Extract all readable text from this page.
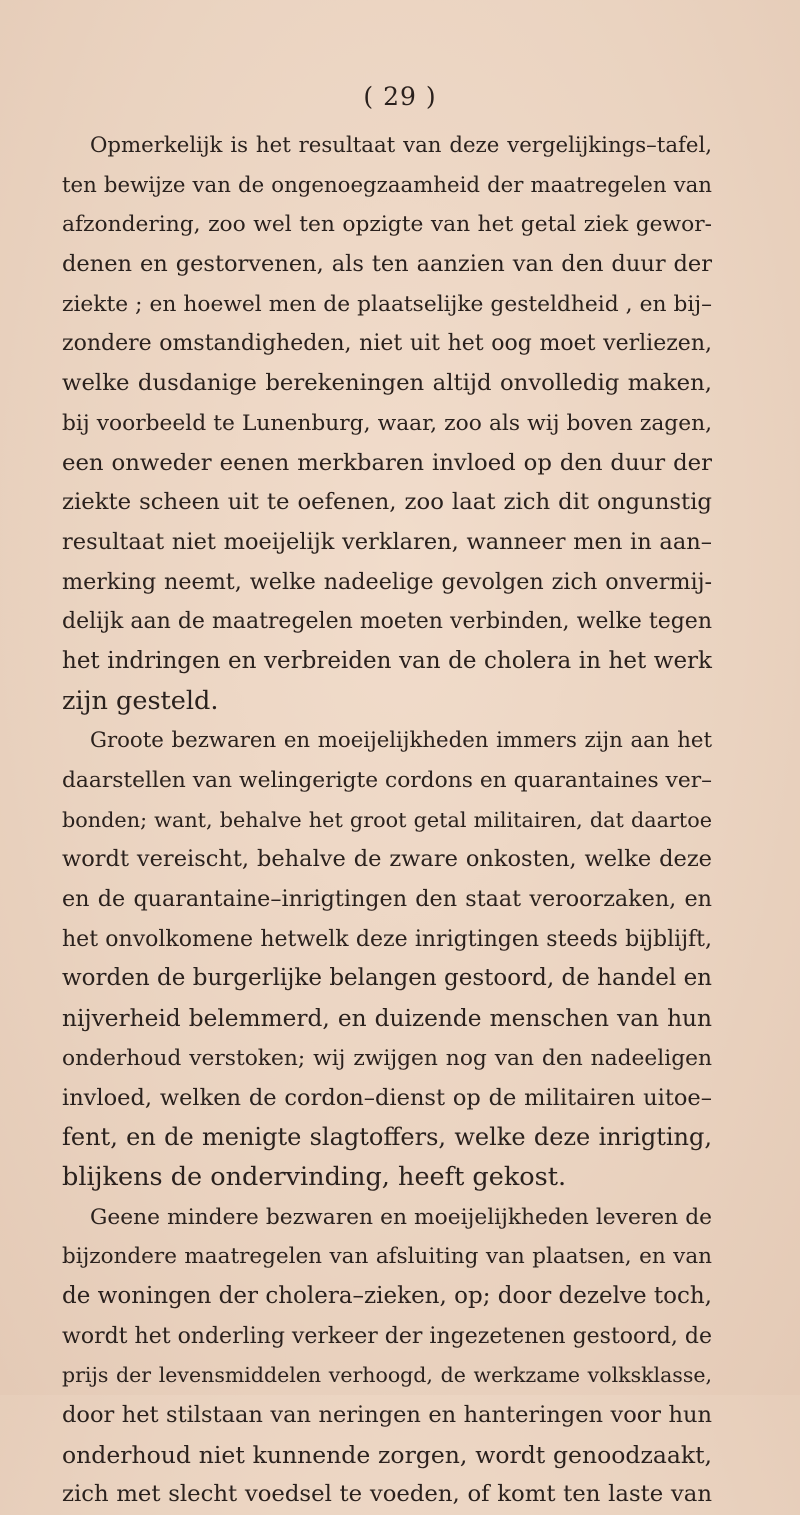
( 29 )
Opmerkelijk is het resultaat van deze vergelijkings–tafel,
ten bewijze van de ongenoegzaamheid der maatregelen van
afzondering, zoo wel ten opzigte van het getal ziek gewor-
denen en gestorvenen, als ten aanzien van den duur der
ziekte ; en hoewel men de plaatselijke gesteldheid , en bij–
zondere omstandigheden, niet uit het oog moet verliezen,
welke dusdanige berekeningen altijd onvolledig maken,
bij voorbeeld te Lunenburg, waar, zoo als wij boven zagen,
een onweder eenen merkbaren invloed op den duur der
ziekte scheen uit te oefenen, zoo laat zich dit ongunstig
resultaat niet moeijelijk verklaren, wanneer men in aan–
merking neemt, welke nadeelige gevolgen zich onvermij-
delijk aan de maatregelen moeten verbinden, welke tegen
het indringen en verbreiden van de cholera in het werk
zijn gesteld.
Groote bezwaren en moeijelijkheden immers zijn aan het
daarstellen van welingerigte cordons en quarantaines ver–
bonden; want, behalve het groot getal militairen, dat daartoe
wordt vereischt, behalve de zware onkosten, welke deze
en de quarantaine–inrigtingen den staat veroorzaken, en
het onvolkomene hetwelk deze inrigtingen steeds bijblijft,
worden de burgerlijke belangen gestoord, de handel en
nijverheid belemmerd, en duizende menschen van hun
onderhoud verstoken; wij zwijgen nog van den nadeeligen
invloed, welken de cordon–dienst op de militairen uitoe–
fent, en de menigte slagtoffers, welke deze inrigting,
blijkens de ondervinding, heeft gekost.
Geene mindere bezwaren en moeijelijkheden leveren de
bijzondere maatregelen van afsluiting van plaatsen, en van
de woningen der cholera–zieken, op; door dezelve toch,
wordt het onderling verkeer der ingezetenen gestoord, de
prijs der levensmiddelen verhoogd, de werkzame volksklasse,
door het stilstaan van neringen en hanteringen voor hun
onderhoud niet kunnende zorgen, wordt genoodzaakt,
zich met slecht voedsel te voeden, of komt ten laste van
